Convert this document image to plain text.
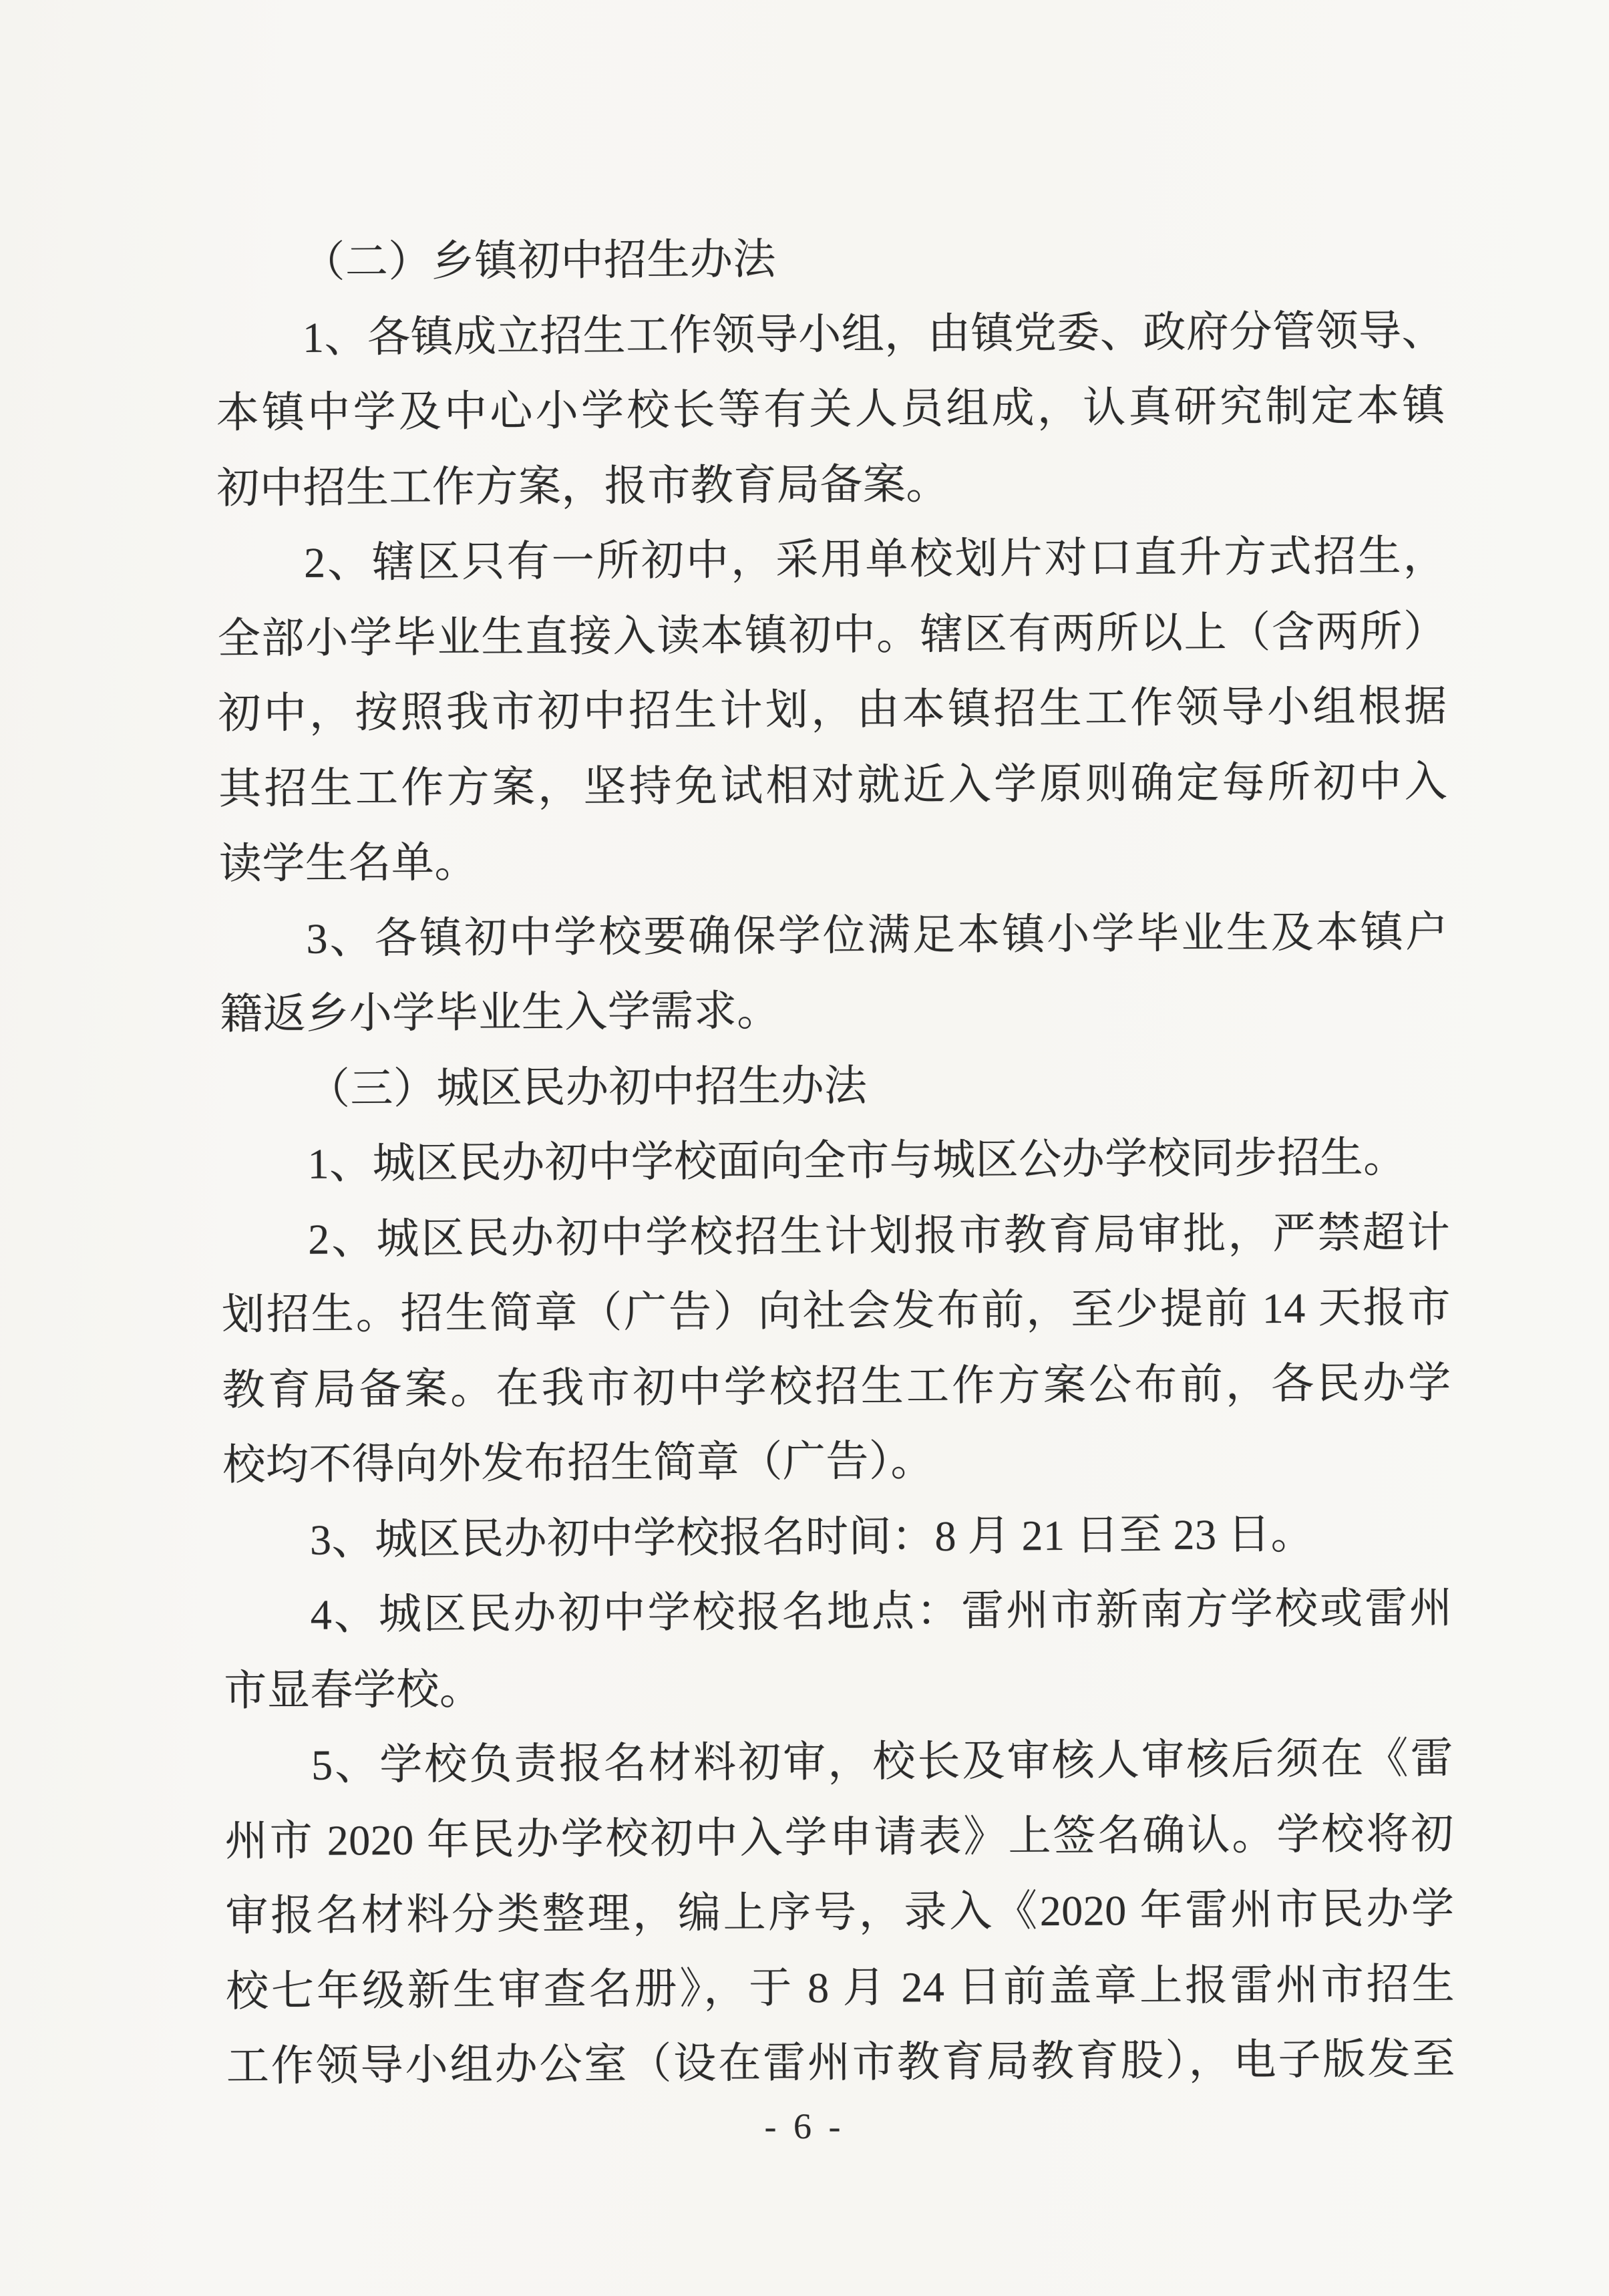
（二）乡镇初中招生办法
1、各镇成立招生工作领导小组，由镇党委、政府分管领导、
本镇中学及中心小学校长等有关人员组成，认真研究制定本镇
初中招生工作方案，报市教育局备案。
2、辖区只有一所初中，采用单校划片对口直升方式招生，
全部小学毕业生直接入读本镇初中。辖区有两所以上（含两所）
初中，按照我市初中招生计划，由本镇招生工作领导小组根据
其招生工作方案，坚持免试相对就近入学原则确定每所初中入
读学生名单。
3、各镇初中学校要确保学位满足本镇小学毕业生及本镇户
籍返乡小学毕业生入学需求。
（三）城区民办初中招生办法
1、城区民办初中学校面向全市与城区公办学校同步招生。
2、城区民办初中学校招生计划报市教育局审批，严禁超计
划招生。招生简章（广告）向社会发布前，至少提前 14 天报市
教育局备案。在我市初中学校招生工作方案公布前，各民办学
校均不得向外发布招生简章（广告）。
3、城区民办初中学校报名时间：8 月 21 日至 23 日。
4、城区民办初中学校报名地点：雷州市新南方学校或雷州
市显春学校。
5、学校负责报名材料初审，校长及审核人审核后须在《雷
州市 2020 年民办学校初中入学申请表》上签名确认。学校将初
审报名材料分类整理，编上序号，录入《2020 年雷州市民办学
校七年级新生审查名册》，于 8 月 24 日前盖章上报雷州市招生
工作领导小组办公室（设在雷州市教育局教育股），电子版发至
- 6 -
